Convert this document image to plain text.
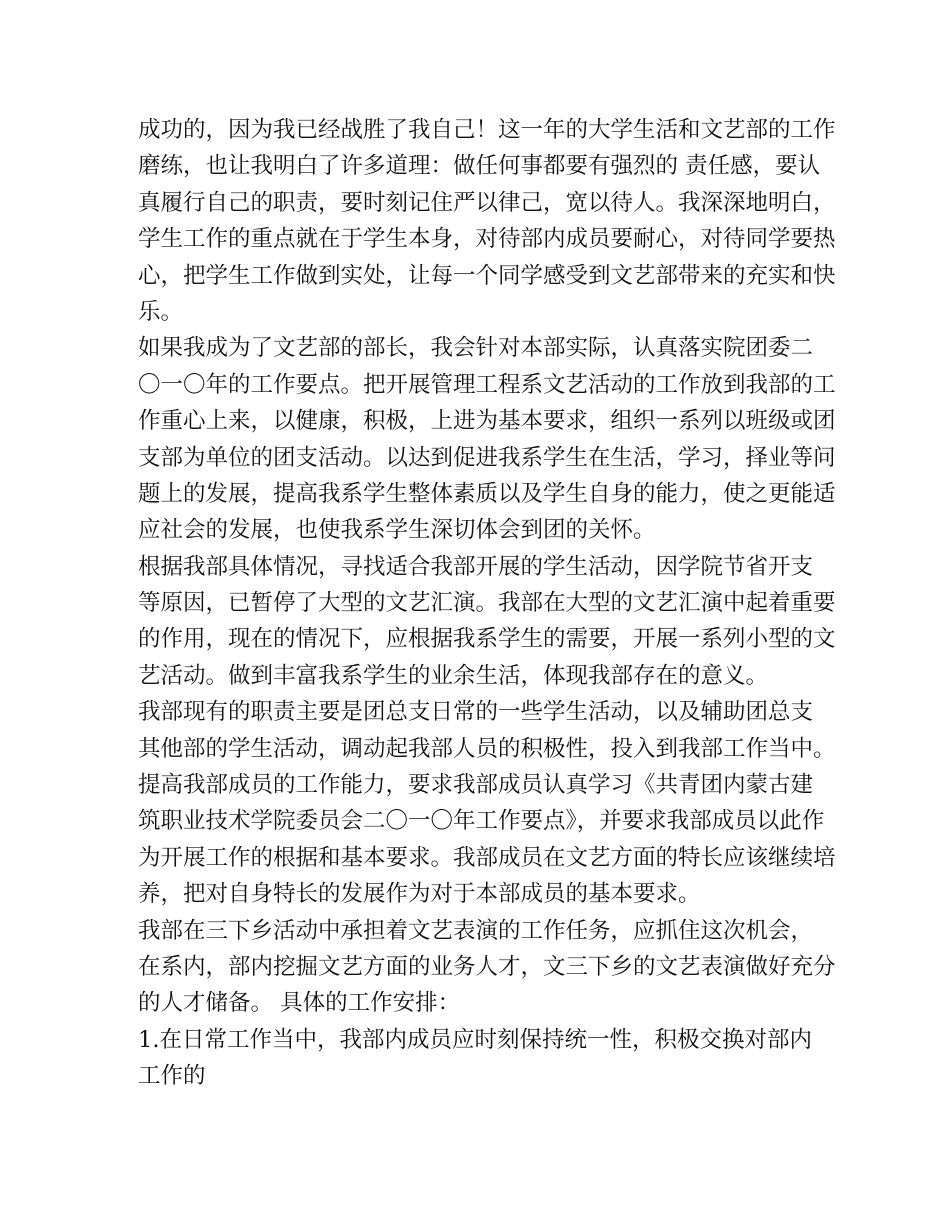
成功的，因为我已经战胜了我自己！这一年的大学生活和文艺部的工作
磨练，也让我明白了许多道理：做任何事都要有强烈的 责任感，要认
真履行自己的职责，要时刻记住严以律己，宽以待人。我深深地明白，
学生工作的重点就在于学生本身，对待部内成员要耐心，对待同学要热
心，把学生工作做到实处，让每一个同学感受到文艺部带来的充实和快
乐。
如果我成为了文艺部的部长，我会针对本部实际，认真落实院团委二
〇一〇年的工作要点。把开展管理工程系文艺活动的工作放到我部的工
作重心上来，以健康，积极，上进为基本要求，组织一系列以班级或团
支部为单位的团支活动。以达到促进我系学生在生活，学习，择业等问
题上的发展，提高我系学生整体素质以及学生自身的能力，使之更能适
应社会的发展，也使我系学生深切体会到团的关怀。
根据我部具体情况，寻找适合我部开展的学生活动，因学院节省开支
等原因，已暂停了大型的文艺汇演。我部在大型的文艺汇演中起着重要
的作用，现在的情况下，应根据我系学生的需要，开展一系列小型的文
艺活动。做到丰富我系学生的业余生活，体现我部存在的意义。
我部现有的职责主要是团总支日常的一些学生活动，以及辅助团总支
其他部的学生活动，调动起我部人员的积极性，投入到我部工作当中。
提高我部成员的工作能力，要求我部成员认真学习《共青团内蒙古建
筑职业技术学院委员会二〇一〇年工作要点》，并要求我部成员以此作
为开展工作的根据和基本要求。我部成员在文艺方面的特长应该继续培
养，把对自身特长的发展作为对于本部成员的基本要求。
我部在三下乡活动中承担着文艺表演的工作任务，应抓住这次机会，
在系内，部内挖掘文艺方面的业务人才，文三下乡的文艺表演做好充分
的人才储备。 具体的工作安排：
1.在日常工作当中，我部内成员应时刻保持统一性，积极交换对部内
工作的
